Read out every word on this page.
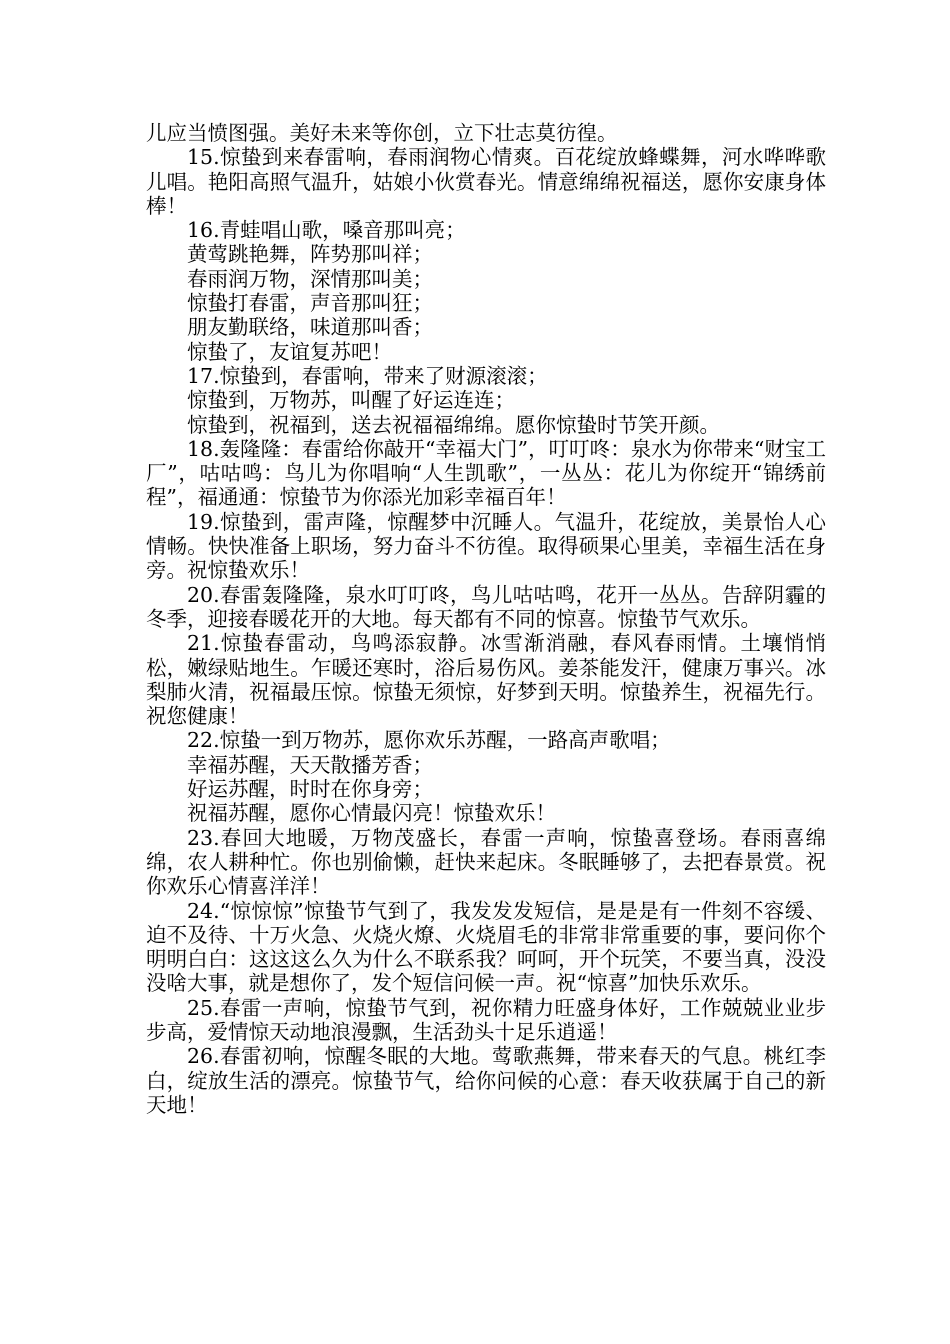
儿应当愤图强。美好未来等你创，立下壮志莫彷徨。

15.惊蛰到来春雷响，春雨润物心情爽。百花绽放蜂蝶舞，河水哗哗歌儿唱。艳阳高照气温升，姑娘小伙赏春光。情意绵绵祝福送，愿你安康身体棒！

16.青蛙唱山歌，嗓音那叫亮；

黄莺跳艳舞，阵势那叫祥；

春雨润万物，深情那叫美；

惊蛰打春雷，声音那叫狂；

朋友勤联络，味道那叫香；

惊蛰了，友谊复苏吧！

17.惊蛰到，春雷响，带来了财源滚滚；

惊蛰到，万物苏，叫醒了好运连连；

惊蛰到，祝福到，送去祝福福绵绵。愿你惊蛰时节笑开颜。

18.轰隆隆：春雷给你敲开“幸福大门”，叮叮咚：泉水为你带来“财宝工厂”，咕咕鸣：鸟儿为你唱响“人生凯歌”，一丛丛：花儿为你绽开“锦绣前程”，福通通：惊蛰节为你添光加彩幸福百年！

19.惊蛰到，雷声隆，惊醒梦中沉睡人。气温升，花绽放，美景怡人心情畅。快快准备上职场，努力奋斗不彷徨。取得硕果心里美，幸福生活在身旁。祝惊蛰欢乐！

20.春雷轰隆隆，泉水叮叮咚，鸟儿咕咕鸣，花开一丛丛。告辞阴霾的冬季，迎接春暖花开的大地。每天都有不同的惊喜。惊蛰节气欢乐。

21.惊蛰春雷动，鸟鸣添寂静。冰雪渐消融，春风春雨情。土壤悄悄松，嫩绿贴地生。乍暖还寒时，浴后易伤风。姜茶能发汗，健康万事兴。冰梨肺火清，祝福最压惊。惊蛰无须惊，好梦到天明。惊蛰养生，祝福先行。祝您健康！

22.惊蛰一到万物苏，愿你欢乐苏醒，一路高声歌唱；

幸福苏醒，天天散播芳香；

好运苏醒，时时在你身旁；

祝福苏醒，愿你心情最闪亮！惊蛰欢乐！

23.春回大地暖，万物茂盛长，春雷一声响，惊蛰喜登场。春雨喜绵绵，农人耕种忙。你也别偷懒，赶快来起床。冬眠睡够了，去把春景赏。祝你欢乐心情喜洋洋！

24.“惊惊惊”惊蛰节气到了，我发发发短信，是是是有一件刻不容缓、迫不及待、十万火急、火烧火燎、火烧眉毛的非常非常重要的事，要问你个明明白白：这这这么久为什么不联系我？呵呵，开个玩笑，不要当真，没没没啥大事，就是想你了，发个短信问候一声。祝“惊喜”加快乐欢乐。

25.春雷一声响，惊蛰节气到，祝你精力旺盛身体好，工作兢兢业业步步高，爱情惊天动地浪漫飘，生活劲头十足乐逍遥！

26.春雷初响，惊醒冬眠的大地。莺歌燕舞，带来春天的气息。桃红李白，绽放生活的漂亮。惊蛰节气，给你问候的心意：春天收获属于自己的新天地！
